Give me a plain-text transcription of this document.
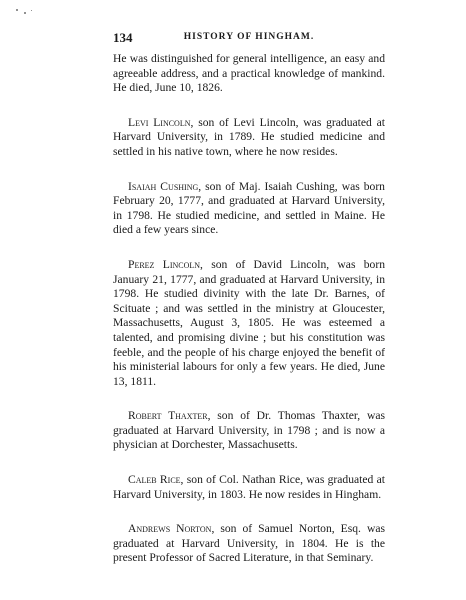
134	HISTORY OF HINGHAM.

He was distinguished for general intelligence, an easy and agreeable address, and a practical knowledge of mankind. He died, June 10, 1826.

Levi Lincoln, son of Levi Lincoln, was graduated at Harvard University, in 1789. He studied medicine and settled in his native town, where he now resides.

Isaiah Cushing, son of Maj. Isaiah Cushing, was born February 20, 1777, and graduated at Harvard University, in 1798. He studied medicine, and settled in Maine. He died a few years since.

Perez Lincoln, son of David Lincoln, was born January 21, 1777, and graduated at Harvard University, in 1798. He studied divinity with the late Dr. Barnes, of Scituate ; and was settled in the ministry at Gloucester, Massachusetts, August 3, 1805. He was esteemed a talented, and promising divine ; but his constitution was feeble, and the people of his charge enjoyed the benefit of his ministerial labours for only a few years. He died, June 13, 1811.

Robert Thaxter, son of Dr. Thomas Thaxter, was graduated at Harvard University, in 1798 ; and is now a physician at Dorchester, Massachusetts.

Caleb Rice, son of Col. Nathan Rice, was graduated at Harvard University, in 1803. He now resides in Hingham.

Andrews Norton, son of Samuel Norton, Esq. was graduated at Harvard University, in 1804. He is the present Professor of Sacred Literature, in that Seminary.
